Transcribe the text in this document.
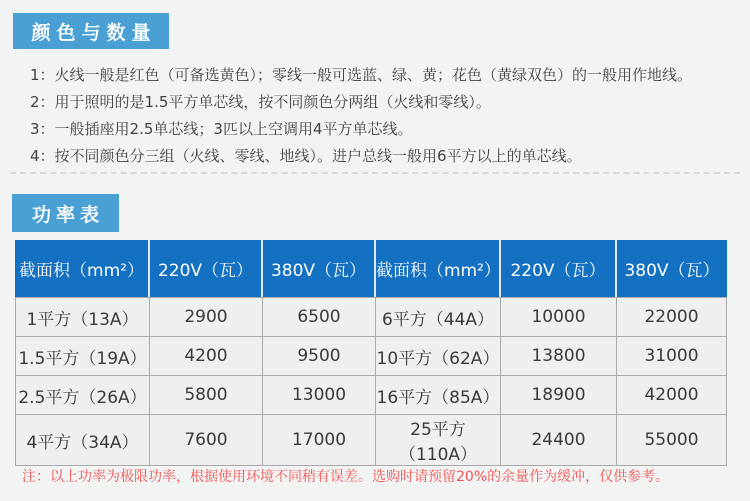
颜色与数量
1：火线一般是红色（可备选黄色）；零线一般可选蓝、绿、黄；花色（黄绿双色）的一般用作地线。
2：用于照明的是1.5平方单芯线，按不同颜色分两组（火线和零线）。
3：一般插座用2.5单芯线；3匹以上空调用4平方单芯线。
4：按不同颜色分三组（火线、零线、地线）。进户总线一般用6平方以上的单芯线。
功率表
截面积（mm²）	220V（瓦）	380V（瓦）	截面积（mm²）	220V（瓦）	380V（瓦）
1平方（13A）	2900	6500	6平方（44A）	10000	22000
1.5平方（19A）	4200	9500	10平方（62A）	13800	31000
2.5平方（26A）	5800	13000	16平方（85A）	18900	42000
4平方（34A）	7600	17000	25平方（110A）	24400	55000
注：以上功率为极限功率，根据使用环境不同稍有误差。选购时请预留20%的余量作为缓冲，仅供参考。
